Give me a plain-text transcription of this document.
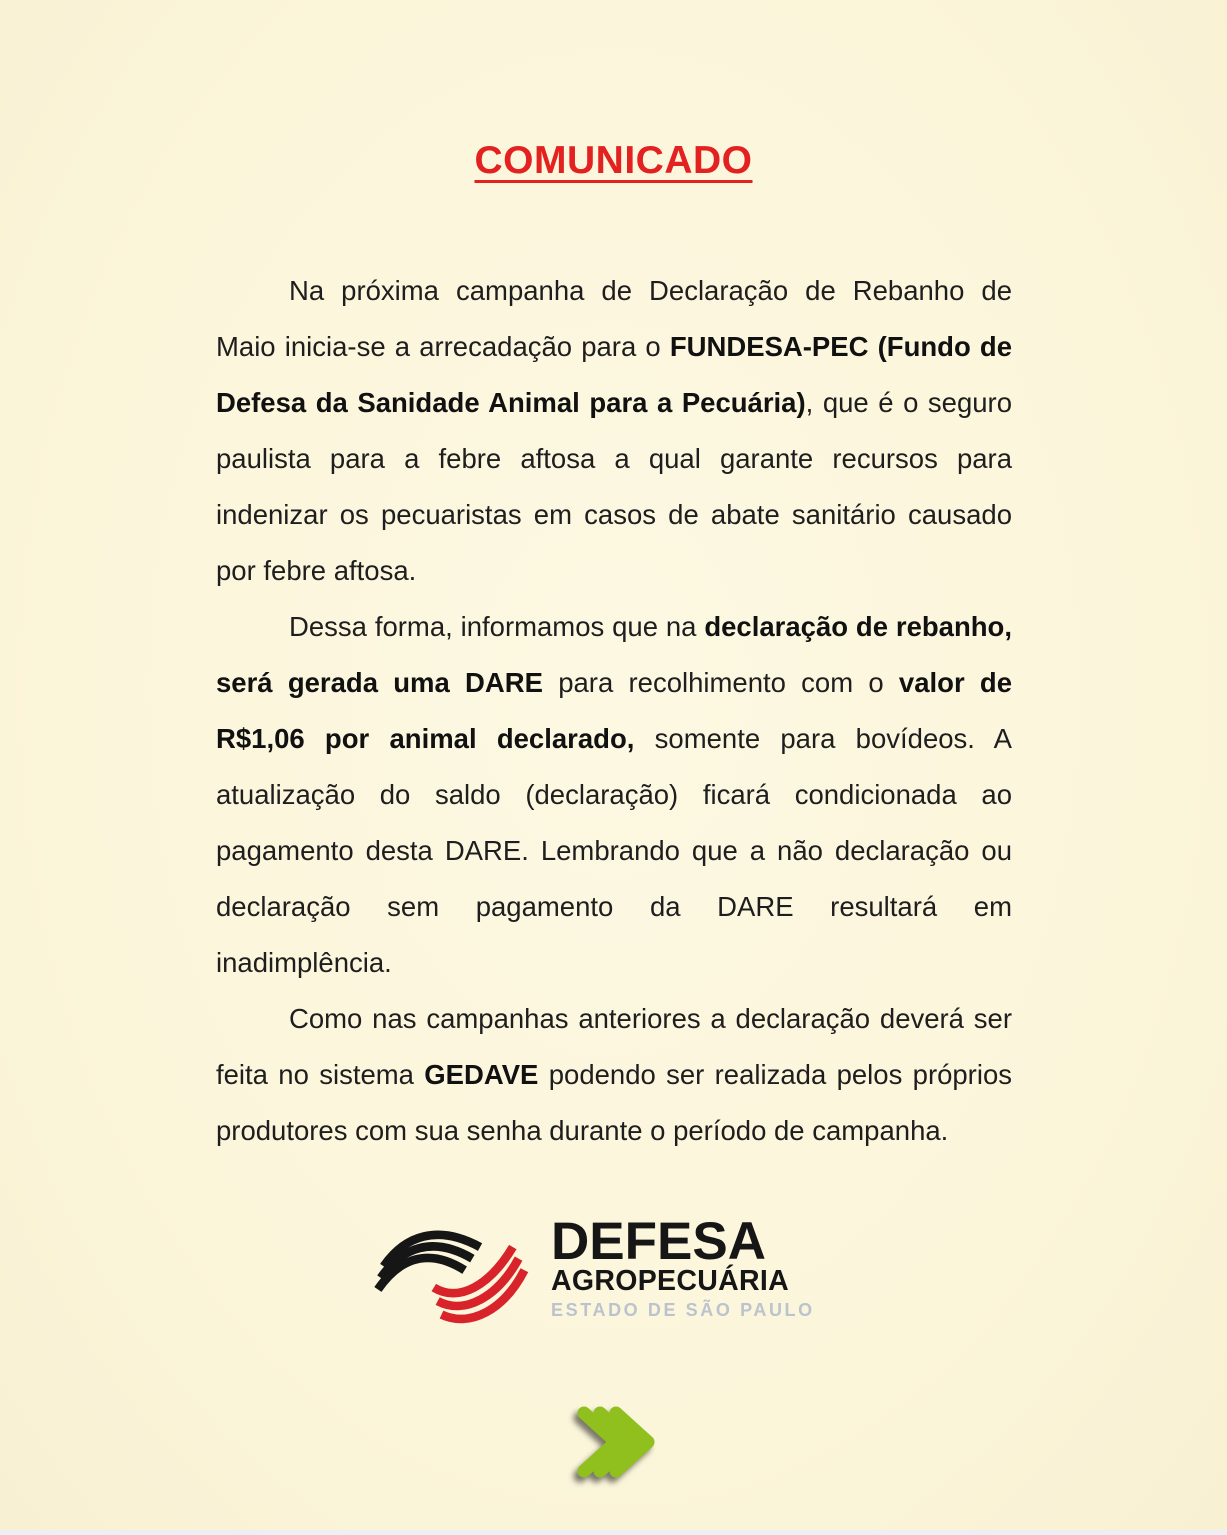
COMUNICADO

Na próxima campanha de Declaração de Rebanho de Maio inicia-se a arrecadação para o FUNDESA-PEC (Fundo de Defesa da Sanidade Animal para a Pecuária), que é o seguro paulista para a febre aftosa a qual garante recursos para indenizar os pecuaristas em casos de abate sanitário causado por febre aftosa.

Dessa forma, informamos que na declaração de rebanho, será gerada uma DARE para recolhimento com o valor de R$1,06 por animal declarado, somente para bovídeos. A atualização do saldo (declaração) ficará condicionada ao pagamento desta DARE. Lembrando que a não declaração ou declaração sem pagamento da DARE resultará em inadimplência.

Como nas campanhas anteriores a declaração deverá ser feita no sistema GEDAVE podendo ser realizada pelos próprios produtores com sua senha durante o período de campanha.

DEFESA
AGROPECUÁRIA
ESTADO DE SÃO PAULO
